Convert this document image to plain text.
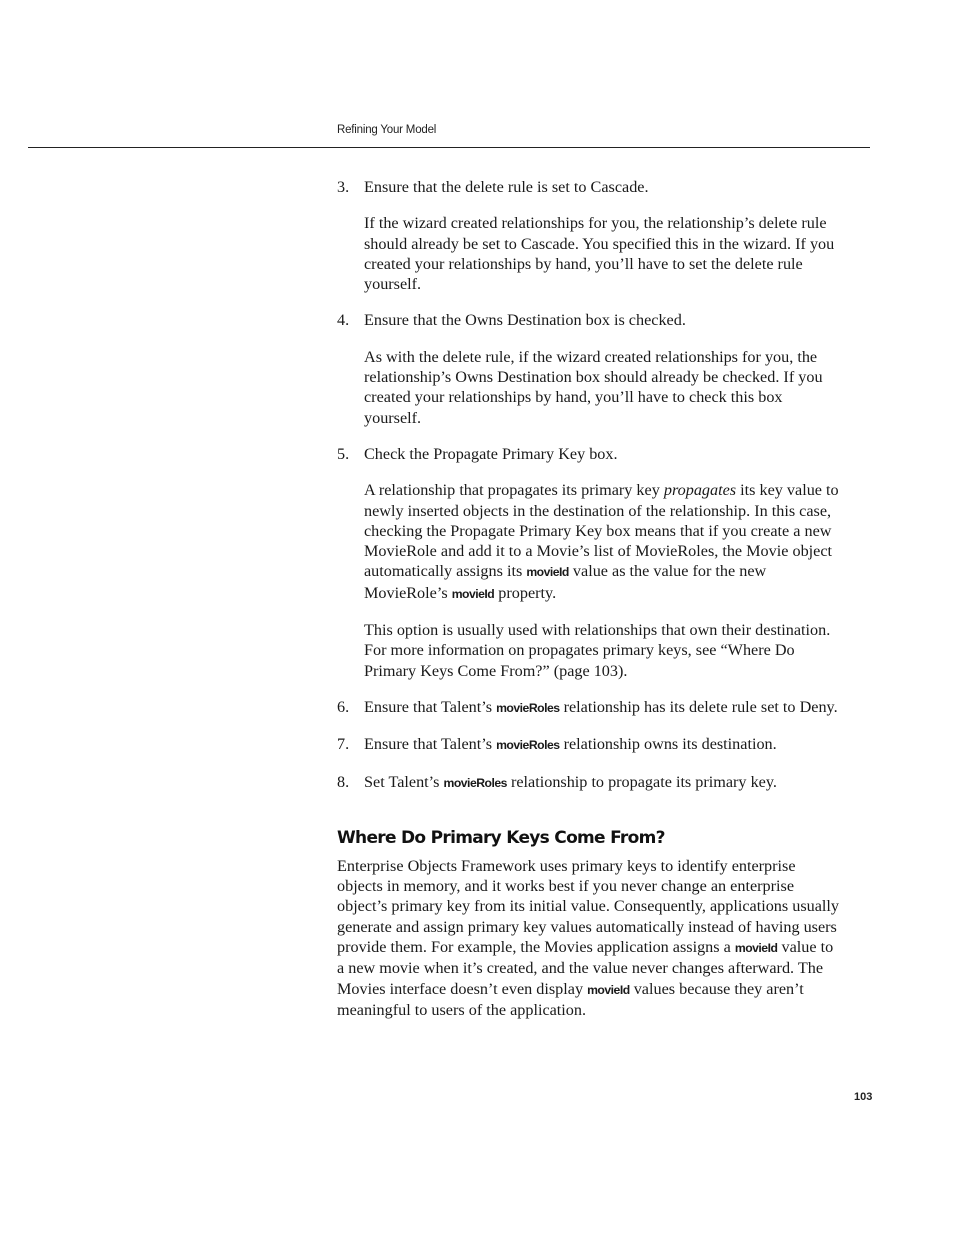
Refining Your Model
3. Ensure that the delete rule is set to Cascade.

If the wizard created relationships for you, the relationship’s delete rule should already be set to Cascade. You specified this in the wizard. If you created your relationships by hand, you’ll have to set the delete rule yourself.

4. Ensure that the Owns Destination box is checked.

As with the delete rule, if the wizard created relationships for you, the relationship’s Owns Destination box should already be checked. If you created your relationships by hand, you’ll have to check this box yourself.

5. Check the Propagate Primary Key box.

A relationship that propagates its primary key propagates its key value to newly inserted objects in the destination of the relationship. In this case, checking the Propagate Primary Key box means that if you create a new MovieRole and add it to a Movie’s list of MovieRoles, the Movie object automatically assigns its movieId value as the value for the new MovieRole’s movieId property.

This option is usually used with relationships that own their destination. For more information on propagates primary keys, see “Where Do Primary Keys Come From?” (page 103).

6. Ensure that Talent’s movieRoles relationship has its delete rule set to Deny.
7. Ensure that Talent’s movieRoles relationship owns its destination.
8. Set Talent’s movieRoles relationship to propagate its primary key.
Where Do Primary Keys Come From?

Enterprise Objects Framework uses primary keys to identify enterprise objects in memory, and it works best if you never change an enterprise object’s primary key from its initial value. Consequently, applications usually generate and assign primary key values automatically instead of having users provide them. For example, the Movies application assigns a movieId value to a new movie when it’s created, and the value never changes afterward. The Movies interface doesn’t even display movieId values because they aren’t meaningful to users of the application.

103
